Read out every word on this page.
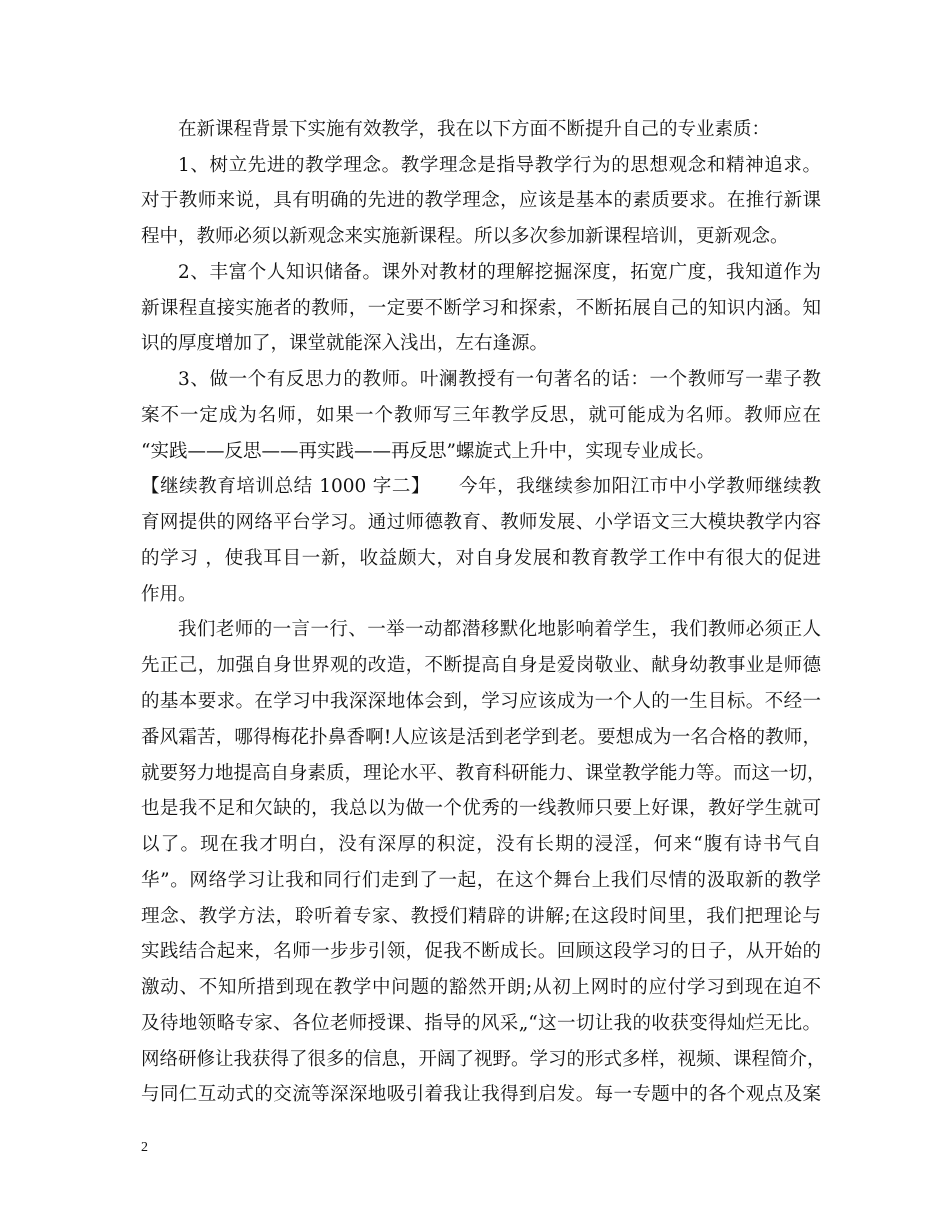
在新课程背景下实施有效教学，我在以下方面不断提升自己的专业素质：
1、树立先进的教学理念。教学理念是指导教学行为的思想观念和精神追求。
对于教师来说，具有明确的先进的教学理念，应该是基本的素质要求。在推行新课
程中，教师必须以新观念来实施新课程。所以多次参加新课程培训，更新观念。
2、丰富个人知识储备。课外对教材的理解挖掘深度，拓宽广度，我知道作为
新课程直接实施者的教师，一定要不断学习和探索，不断拓展自己的知识内涵。知
识的厚度增加了，课堂就能深入浅出，左右逢源。
3、做一个有反思力的教师。叶澜教授有一句著名的话：一个教师写一辈子教
案不一定成为名师，如果一个教师写三年教学反思，就可能成为名师。教师应在
“实践——反思——再实践——再反思”螺旋式上升中，实现专业成长。
【继续教育培训总结 1000 字二】　　今年，我继续参加阳江市中小学教师继续教
育网提供的网络平台学习。通过师德教育、教师发展、小学语文三大模块教学内容
的学习 ，使我耳目一新，收益颇大，对自身发展和教育教学工作中有很大的促进
作用。
我们老师的一言一行、一举一动都潜移默化地影响着学生，我们教师必须正人
先正己，加强自身世界观的改造，不断提高自身是爱岗敬业、献身幼教事业是师德
的基本要求。在学习中我深深地体会到，学习应该成为一个人的一生目标。不经一
番风霜苦，哪得梅花扑鼻香啊!人应该是活到老学到老。要想成为一名合格的教师，
就要努力地提高自身素质，理论水平、教育科研能力、课堂教学能力等。而这一切，
也是我不足和欠缺的，我总以为做一个优秀的一线教师只要上好课，教好学生就可
以了。现在我才明白，没有深厚的积淀，没有长期的浸淫，何来“腹有诗书气自
华”。网络学习让我和同行们走到了一起，在这个舞台上我们尽情的汲取新的教学
理念、教学方法，聆听着专家、教授们精辟的讲解;在这段时间里，我们把理论与
实践结合起来，名师一步步引领，促我不断成长。回顾这段学习的日子，从开始的
激动、不知所措到现在教学中问题的豁然开朗;从初上网时的应付学习到现在迫不
及待地领略专家、各位老师授课、指导的风采„“这一切让我的收获变得灿烂无比。
网络研修让我获得了很多的信息，开阔了视野。学习的形式多样，视频、课程简介，
与同仁互动式的交流等深深地吸引着我让我得到启发。每一专题中的各个观点及案
2
